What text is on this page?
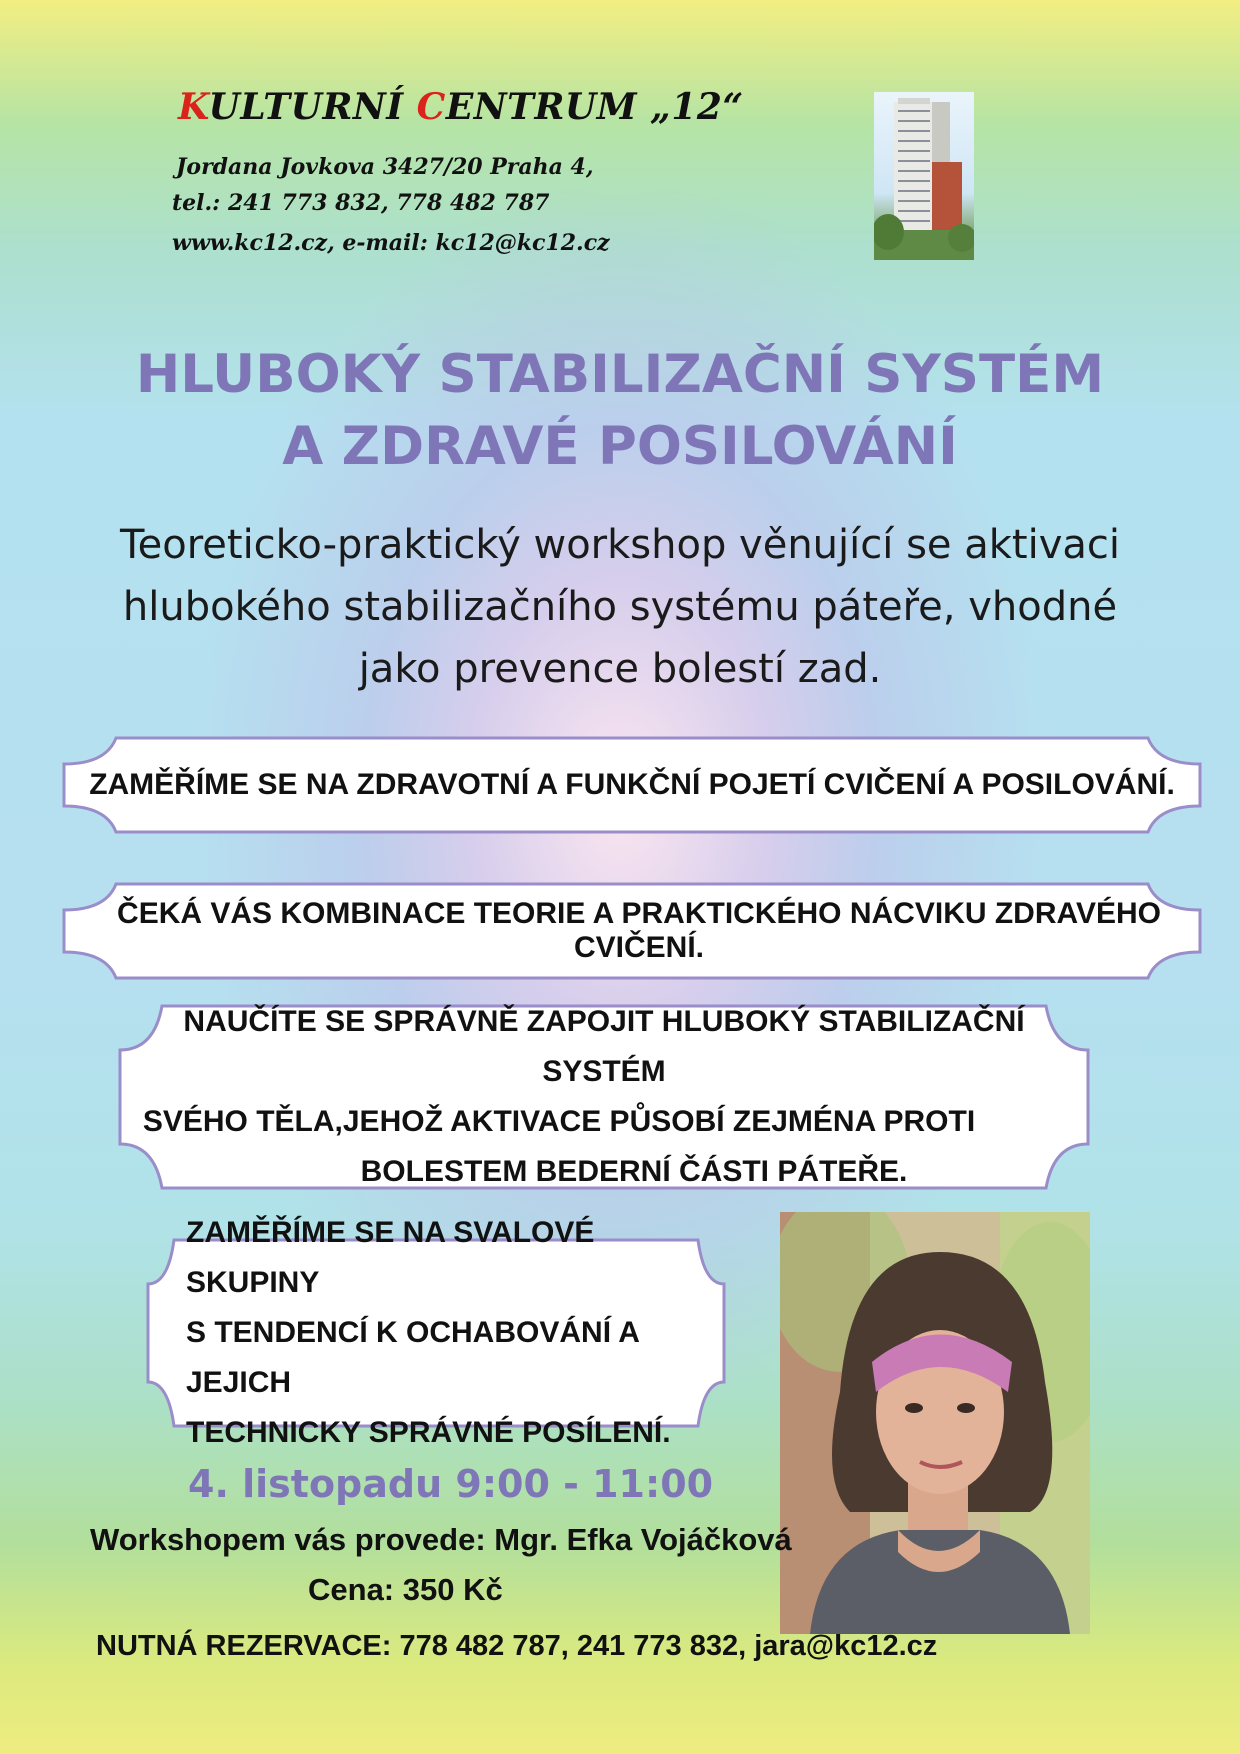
KULTURNÍ CENTRUM „12“

Jordana Jovkova 3427/20 Praha 4,

tel.: 241 773 832, 778 482 787

www.kc12.cz, e-mail: kc12@kc12.cz

HLUBOKÝ STABILIZAČNÍ SYSTÉM
A ZDRAVÉ POSILOVÁNÍ
Teoreticko-praktický workshop věnující se aktivaci
hlubokého stabilizačního systému páteře, vhodné
jako prevence bolestí zad.
ZAMĚŘÍME SE NA ZDRAVOTNÍ A FUNKČNÍ POJETÍ CVIČENÍ A POSILOVÁNÍ.
ČEKÁ VÁS KOMBINACE TEORIE A PRAKTICKÉHO NÁCVIKU ZDRAVÉHO CVIČENÍ.
NAUČÍTE SE SPRÁVNĚ ZAPOJIT HLUBOKÝ STABILIZAČNÍ SYSTÉM
SVÉHO TĚLA,JEHOŽ AKTIVACE PŮSOBÍ ZEJMÉNA PROTI
BOLESTEM BEDERNÍ ČÁSTI PÁTEŘE.
ZAMĚŘÍME SE NA SVALOVÉ SKUPINY
S TENDENCÍ K OCHABOVÁNÍ A JEJICH
TECHNICKY SPRÁVNÉ POSÍLENÍ.

4. listopadu 9:00 - 11:00

Workshopem vás provede: Mgr. Efka Vojáčková

Cena: 350 Kč

NUTNÁ REZERVACE: 778 482 787, 241 773 832, jara@kc12.cz
